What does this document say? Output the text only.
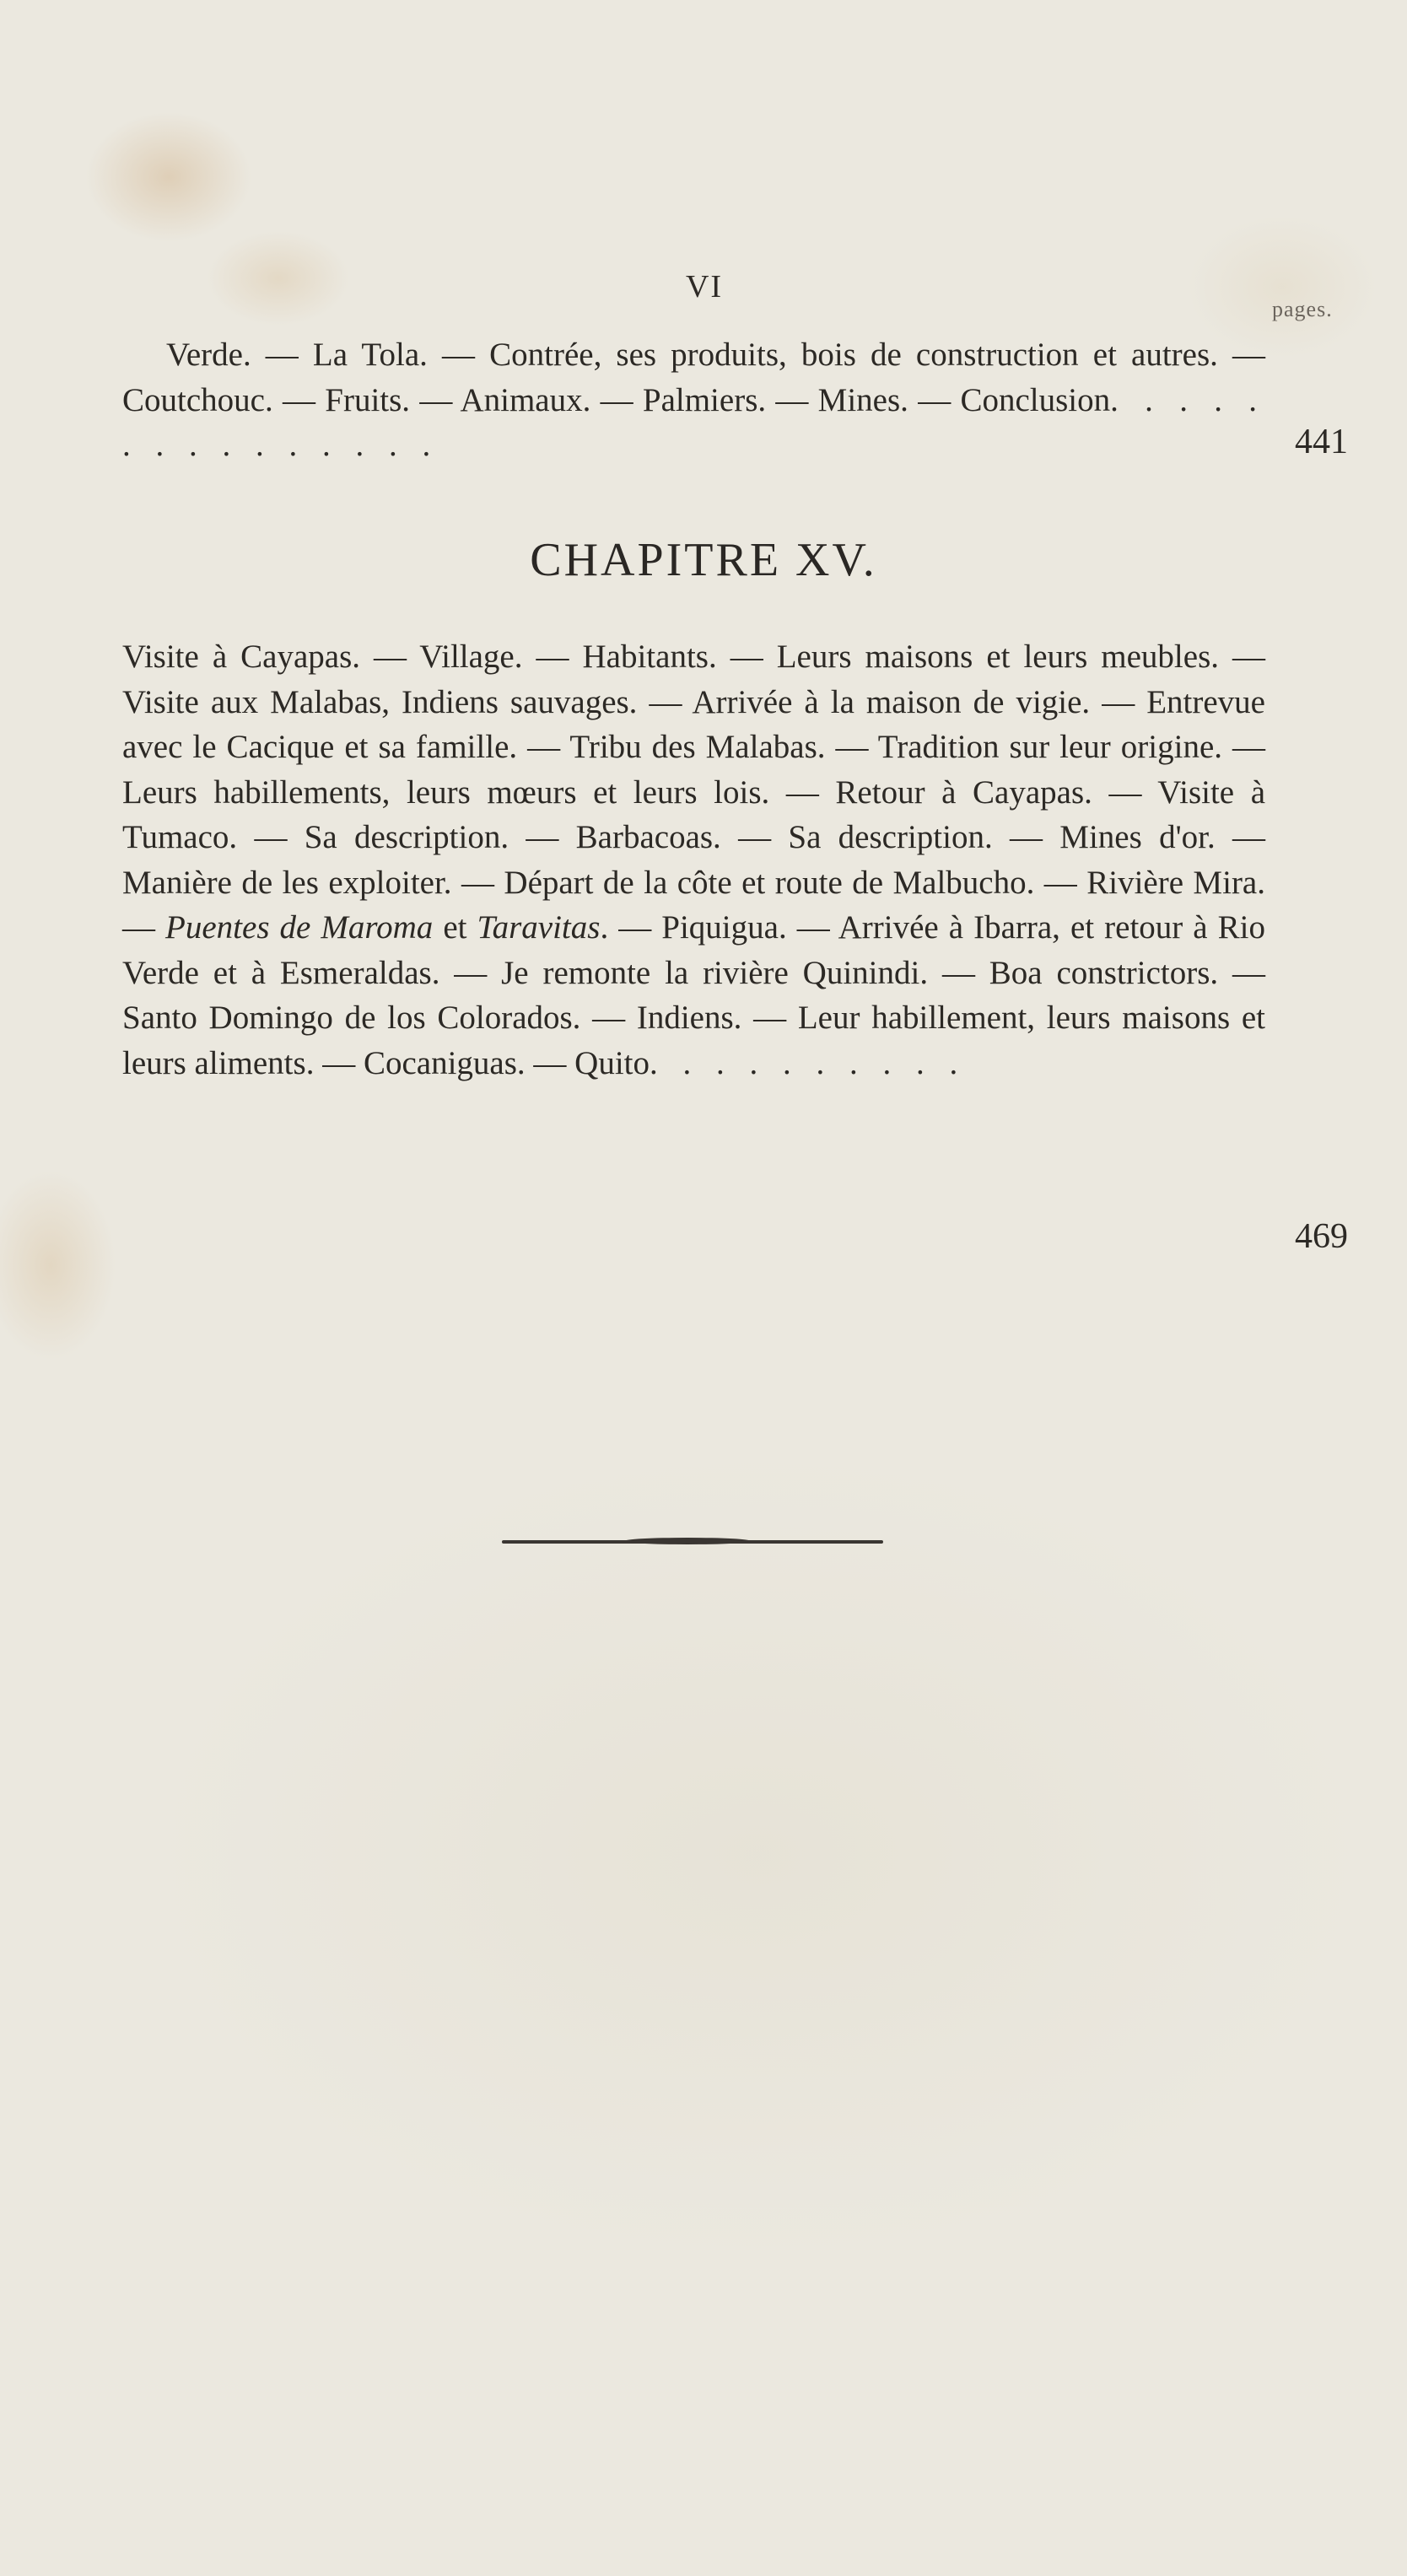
VI
pages.
Verde. — La Tola. — Contrée, ses produits, bois de construction et autres. — Coutchouc. — Fruits. — Animaux. — Palmiers. — Mines. — Conclusion. . . . . . . . . . . . . . .	441
CHAPITRE XV.
Visite à Cayapas. — Village. — Habitants. — Leurs maisons et leurs meubles. — Visite aux Malabas, Indiens sauvages. — Arrivée à la maison de vigie. — Entrevue avec le Cacique et sa famille. — Tribu des Malabas. — Tradition sur leur origine. — Leurs habillements, leurs mœurs et leurs lois. — Retour à Cayapas. — Visite à Tumaco. — Sa description. — Barbacoas. — Sa description. — Mines d'or. — Manière de les exploiter. — Départ de la côte et route de Malbucho. — Rivière Mira. — Puentes de Maroma et Taravitas. — Piquigua. — Arrivée à Ibarra, et retour à Rio Verde et à Esmeraldas. — Je remonte la rivière Quinindi. — Boa constrictors. — Santo Domingo de los Colorados. — Indiens. — Leur habillement, leurs maisons et leurs aliments. — Cocaniguas. — Quito. . . . . . . . . .
469
